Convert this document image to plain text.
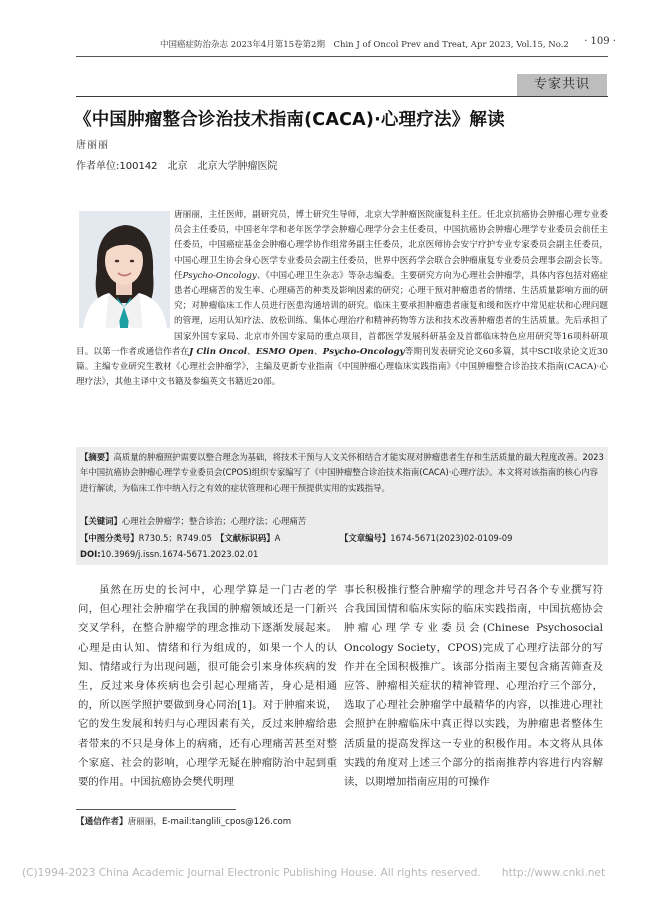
中国癌症防治杂志 2023年4月第15卷第2期　Chin J of Oncol Prev and Treat, Apr 2023, Vol.15, No.2 · 109 ·
专家共识
《中国肿瘤整合诊治技术指南(CACA)·心理疗法》解读
唐丽丽
作者单位:100142　北京　北京大学肿瘤医院
唐丽丽，主任医师，副研究员，博士研究生导师，北京大学肿瘤医院康复科主任。任北京抗癌协会肿瘤心理专业委员会主任委员，中国老年学和老年医学学会肿瘤心理学分会主任委员，中国抗癌协会肿瘤心理学专业委员会前任主任委员，中国癌症基金会肿瘤心理学协作组常务副主任委员，北京医师协会安宁疗护专业专家委员会副主任委员，中国心理卫生协会身心医学专业委员会副主任委员，世界中医药学会联合会肿瘤康复专业委员会理事会副会长等。任Psycho-Oncology、《中国心理卫生杂志》等杂志编委。主要研究方向为心理社会肿瘤学，具体内容包括对癌症患者心理痛苦的发生率、心理痛苦的种类及影响因素的研究；心理干预对肿瘤患者的情绪、生活质量影响方面的研究；对肿瘤临床工作人员进行医患沟通培训的研究。临床主要承担肿瘤患者康复和缓和医疗中常见症状和心理问题的管理，运用认知疗法、放松训练、集体心理治疗和精神药物等方法和技术改善肿瘤患者的生活质量。先后承担了国家外国专家局、北京市外国专家局的重点项目，首都医学发展科研基金及首都临床特色应用研究等16项科研项目。以第一作者或通信作者在J Clin Oncol、ESMO Open、Psycho-Oncology等期刊发表研究论文60多篇，其中SCI收录论文近30篇。主编专业研究生教材《心理社会肿瘤学》，主编及更新专业指南《中国肿瘤心理临床实践指南》《中国肿瘤整合诊治技术指南(CACA)·心理疗法》，其他主译中文书籍及参编英文书籍近20部。
【摘要】高质量的肿瘤照护需要以整合理念为基础，将技术干预与人文关怀相结合才能实现对肿瘤患者生存和生活质量的最大程度改善。2023年中国抗癌协会肿瘤心理学专业委员会(CPOS)组织专家编写了《中国肿瘤整合诊治技术指南(CACA)·心理疗法》。本文将对该指南的核心内容进行解读，为临床工作中纳入行之有效的症状管理和心理干预提供实用的实践指导。
【关键词】心理社会肿瘤学；整合诊治；心理疗法；心理痛苦
【中图分类号】R730.5；R749.05 【文献标识码】A	【文章编号】1674-5671(2023)02-0109-09
DOI:10.3969/j.issn.1674-5671.2023.02.01
虽然在历史的长河中，心理学算是一门古老的学问，但心理社会肿瘤学在我国的肿瘤领域还是一门新兴交叉学科，在整合肿瘤学的理念推动下逐渐发展起来。心理是由认知、情绪和行为组成的，如果一个人的认知、情绪或行为出现问题，很可能会引来身体疾病的发生，反过来身体疾病也会引起心理痛苦，身心是相通的，所以医学照护要做到身心同治[1]。对于肿瘤来说，它的发生发展和转归与心理因素有关，反过来肿瘤给患者带来的不只是身体上的病痛，还有心理痛苦甚至对整个家庭、社会的影响，心理学无疑在肿瘤防治中起到重要的作用。中国抗癌协会樊代明理
事长积极推行整合肿瘤学的理念并号召各个专业撰写符合我国国情和临床实际的临床实践指南，中国抗癌协会肿瘤心理学专业委员会(Chinese Psychosocial Oncology Society，CPOS)完成了心理疗法部分的写作并在全国积极推广。该部分指南主要包含痛苦筛查及应答、肿瘤相关症状的精神管理、心理治疗三个部分，选取了心理社会肿瘤学中最精华的内容，以推进心理社会照护在肿瘤临床中真正得以实践，为肿瘤患者整体生活质量的提高发挥这一专业的积极作用。本文将从具体实践的角度对上述三个部分的指南推荐内容进行内容解读，以期增加指南应用的可操作
【通信作者】唐丽丽，E-mail:tanglili_cpos@126.com
(C)1994-2023 China Academic Journal Electronic Publishing House. All rights reserved.　　http://www.cnki.net
